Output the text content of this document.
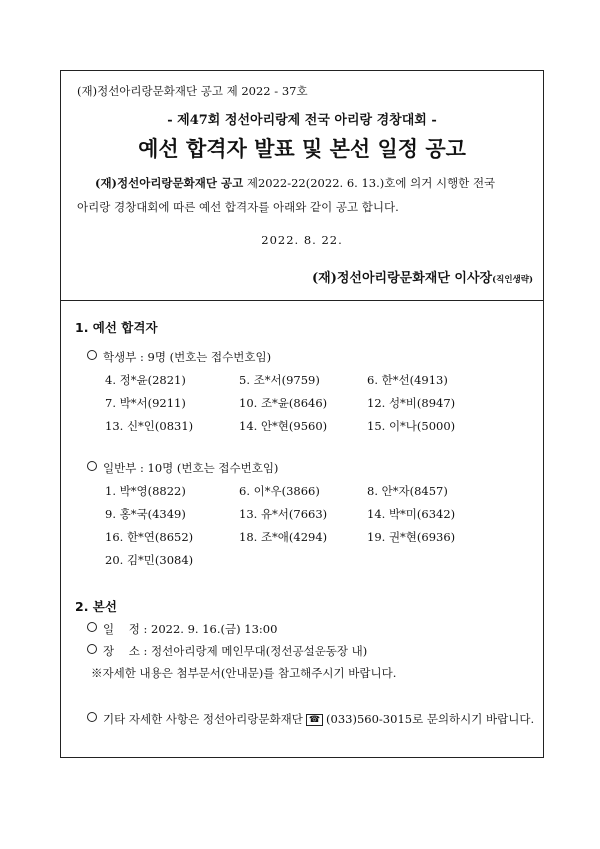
(재)정선아리랑문화재단 공고 제 2022 - 37호
- 제47회 정선아리랑제 전국 아리랑 경창대회 -
예선 합격자 발표 및 본선 일정 공고
(재)정선아리랑문화재단 공고 제2022-22(2022. 6. 13.)호에 의거 시행한 전국
아리랑 경창대회에 따른 예선 합격자를 아래와 같이 공고 합니다.
2022. 8. 22.
(재)정선아리랑문화재단 이사장(직인생략)
1. 예선 합격자
학생부 : 9명 (번호는 접수번호임)
4. 정*윤(2821)	5. 조*서(9759)	6. 한*선(4913)
7. 박*서(9211)	10. 조*윤(8646)	12. 성*비(8947)
13. 신*인(0831)	14. 안*현(9560)	15. 이*나(5000)
일반부 : 10명 (번호는 접수번호임)
1. 박*영(8822)	6. 이*우(3866)	8. 안*자(8457)
9. 홍*국(4349)	13. 유*서(7663)	14. 박*미(6342)
16. 한*연(8652)	18. 조*애(4294)	19. 권*현(6936)
20. 김*민(3084)
2. 본선
일    정 : 2022. 9. 16.(금) 13:00
장    소 : 정선아리랑제 메인무대(정선공설운동장 내)
※자세한 내용은 첨부문서(안내문)를 참고해주시기 바랍니다.
기타 자세한 사항은 정선아리랑문화재단 ☎ (033)560-3015로 문의하시기 바랍니다.
